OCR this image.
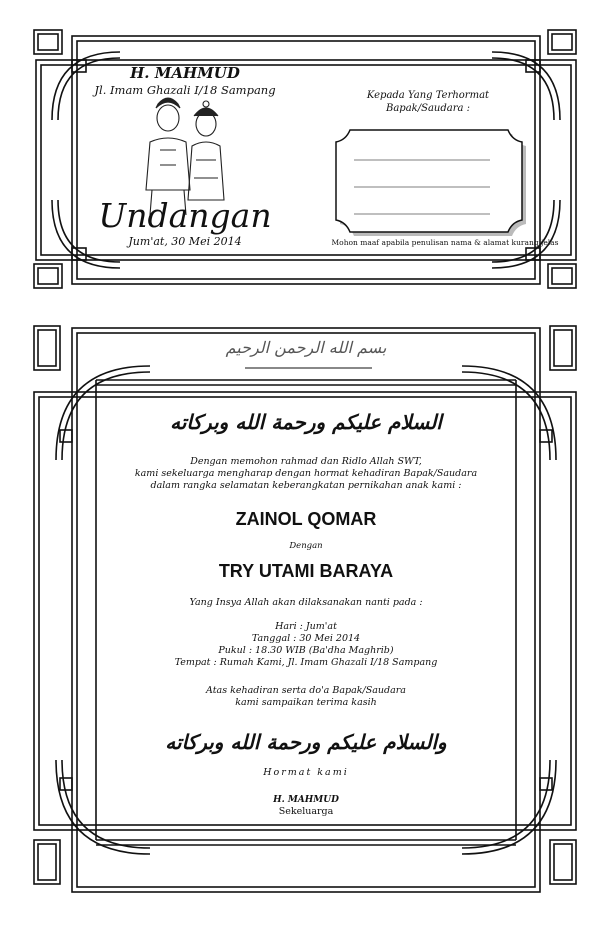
H. MAHMUD
Jl. Imam Ghazali I/18 Sampang
Undangan
Jum'at, 30 Mei 2014
Kepada Yang Terhormat
Bapak/Saudara :
Mohon maaf apabila penulisan nama & alamat kurang jelas
بسم الله الرحمن الرحيم
السلام عليكم ورحمة الله وبركاته
Dengan memohon rahmad dan Ridlo Allah SWT,
kami sekeluarga mengharap dengan hormat kehadiran Bapak/Saudara
dalam rangka selamatan keberangkatan pernikahan anak kami :
ZAINOL QOMAR
Dengan
TRY UTAMI BARAYA
Yang Insya Allah akan dilaksanakan nanti pada :
Hari : Jum'at
Tanggal : 30 Mei 2014
Pukul : 18.30 WIB (Ba'dha Maghrib)
Tempat : Rumah Kami, Jl. Imam Ghazali I/18 Sampang
Atas kehadiran serta do'a Bapak/Saudara
kami sampaikan terima kasih
والسلام عليكم ورحمة الله وبركاته
Hormat kami
H. MAHMUD
Sekeluarga
